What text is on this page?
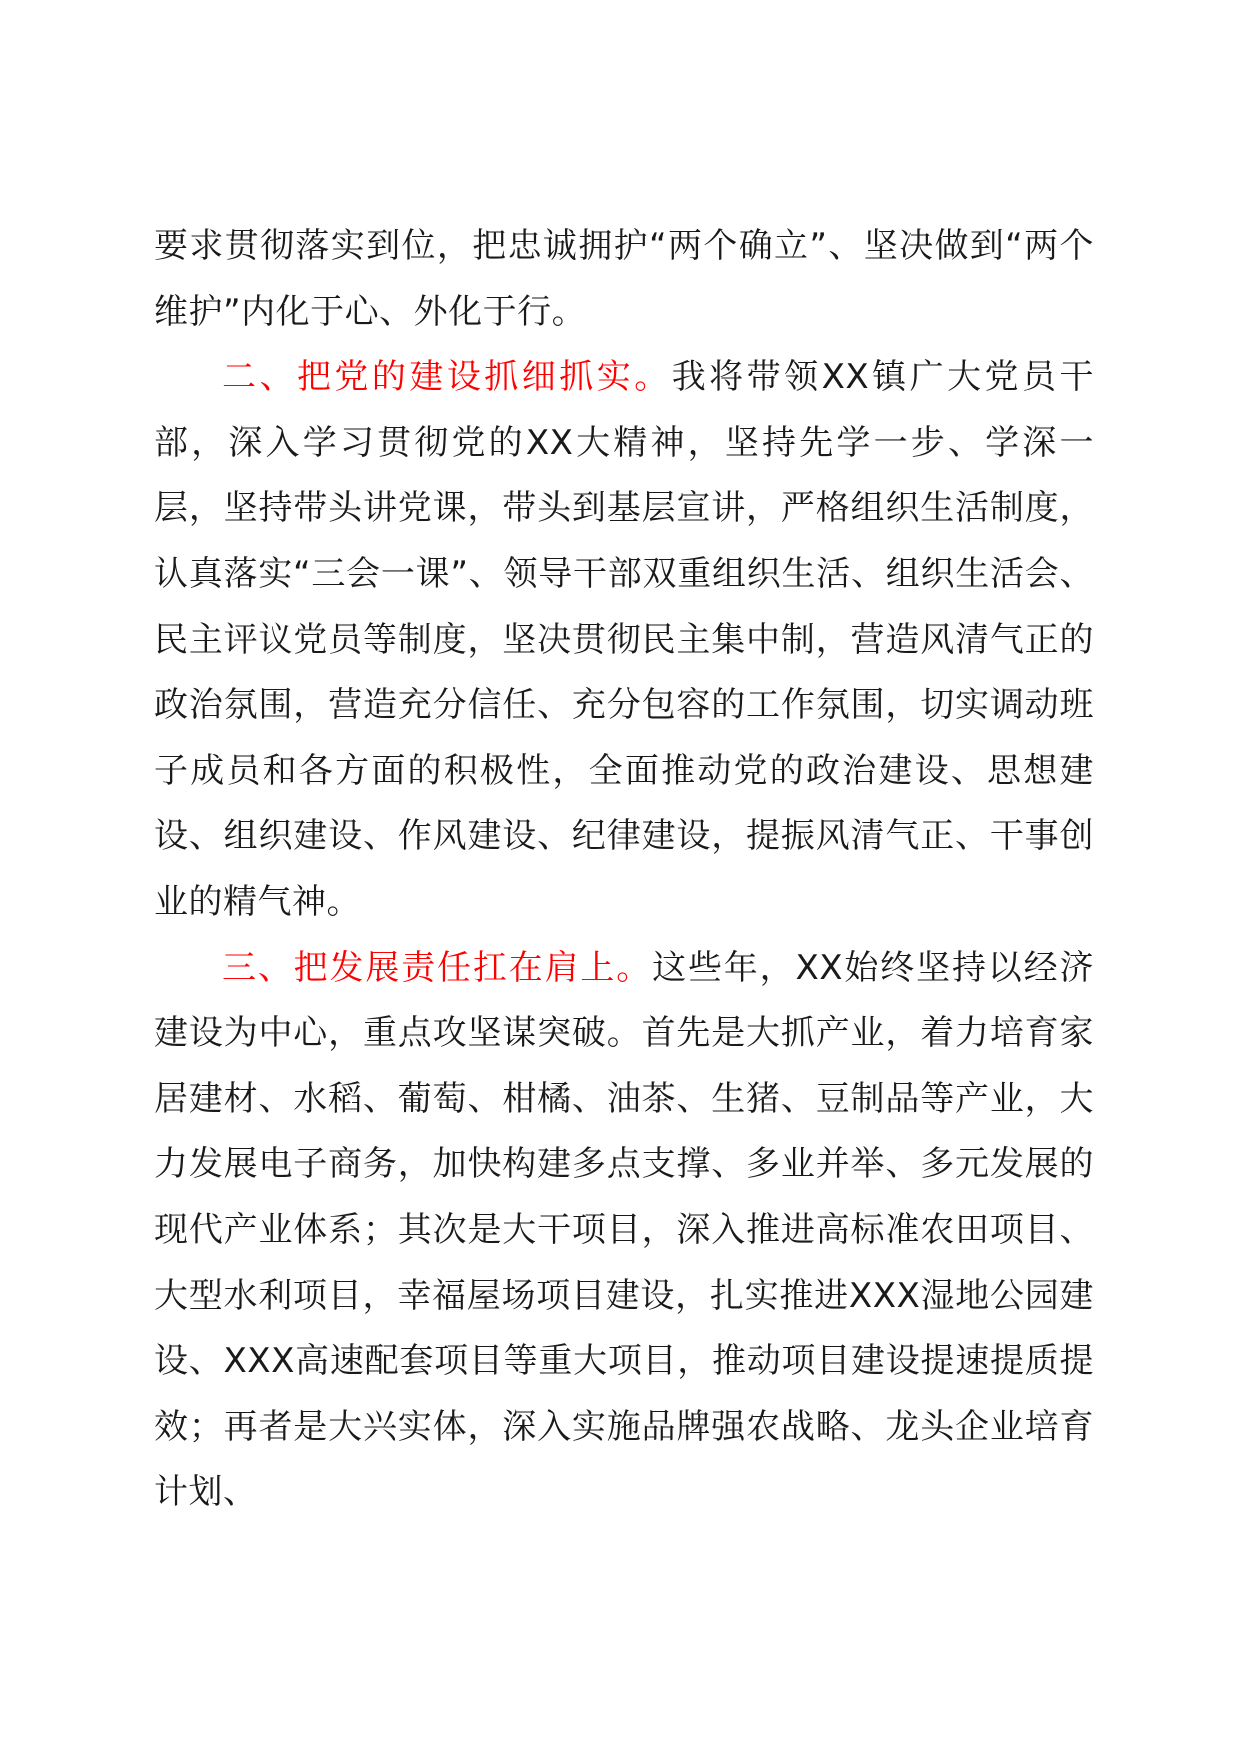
要求贯彻落实到位，把忠诚拥护“两个确立”、坚决做到“两个维护”内化于心、外化于行。

二、把党的建设抓细抓实。我将带领XX镇广大党员干部，深入学习贯彻党的XX大精神，坚持先学一步、学深一层，坚持带头讲党课，带头到基层宣讲，严格组织生活制度，认真落实“三会一课”、领导干部双重组织生活、组织生活会、民主评议党员等制度，坚决贯彻民主集中制，营造风清气正的政治氛围，营造充分信任、充分包容的工作氛围，切实调动班子成员和各方面的积极性，全面推动党的政治建设、思想建设、组织建设、作风建设、纪律建设，提振风清气正、干事创业的精气神。

三、把发展责任扛在肩上。这些年，XX始终坚持以经济建设为中心，重点攻坚谋突破。首先是大抓产业，着力培育家居建材、水稻、葡萄、柑橘、油茶、生猪、豆制品等产业，大力发展电子商务，加快构建多点支撑、多业并举、多元发展的现代产业体系；其次是大干项目，深入推进高标准农田项目、大型水利项目，幸福屋场项目建设，扎实推进XXX湿地公园建设、XXX高速配套项目等重大项目，推动项目建设提速提质提效；再者是大兴实体，深入实施品牌强农战略、龙头企业培育计划、
